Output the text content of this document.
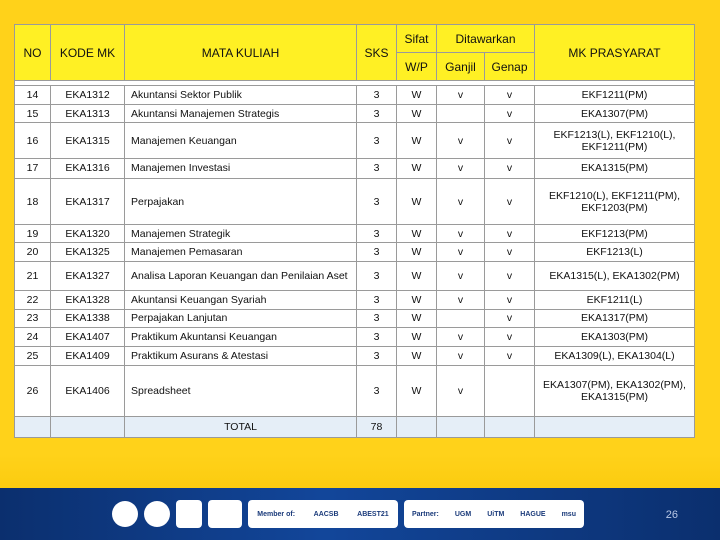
NO	KODE MK	MATA KULIAH	SKS	Sifat	Ditawarkan		MK PRASYARAT
				W/P	Ganjil	Genap	

14	EKA1312	Akuntansi Sektor Publik	3	W	v	v	EKF1211(PM)
15	EKA1313	Akuntansi Manajemen Strategis	3	W		v	EKA1307(PM)
16	EKA1315	Manajemen Keuangan	3	W	v	v	EKF1213(L), EKF1210(L), EKF1211(PM)
17	EKA1316	Manajemen Investasi	3	W	v	v	EKA1315(PM)
18	EKA1317	Perpajakan	3	W	v	v	EKF1210(L), EKF1211(PM), EKF1203(PM)
19	EKA1320	Manajemen Strategik	3	W	v	v	EKF1213(PM)
20	EKA1325	Manajemen Pemasaran	3	W	v	v	EKF1213(L)
21	EKA1327	Analisa Laporan Keuangan dan Penilaian Aset	3	W	v	v	EKA1315(L), EKA1302(PM)
22	EKA1328	Akuntansi Keuangan Syariah	3	W	v	v	EKF1211(L)
23	EKA1338	Perpajakan Lanjutan	3	W		v	EKA1317(PM)
24	EKA1407	Praktikum Akuntansi Keuangan	3	W	v	v	EKA1303(PM)
25	EKA1409	Praktikum Asurans & Atestasi	3	W	v	v	EKA1309(L), EKA1304(L)
26	EKA1406	Spreadsheet	3	W	v		EKA1307(PM), EKA1302(PM), EKA1315(PM)
		TOTAL	78				
Member of:	AACSB	ABEST21	Partner: UGM UiTM HAGUE msu	26
